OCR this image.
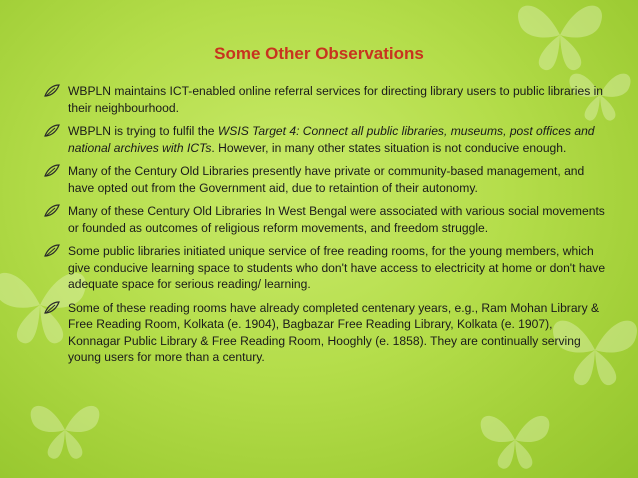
Some Other Observations
WBPLN maintains ICT-enabled online referral services for directing library users to public libraries in their neighbourhood.
WBPLN is trying to fulfil the WSIS Target 4: Connect all public libraries, museums, post offices and national archives with ICTs. However, in many other states situation is not conducive enough.
Many of the Century Old Libraries presently have private or community-based management, and have opted out from the Government aid, due to retaintion of their autonomy.
Many of these Century Old Libraries In West Bengal were associated with various social movements or founded as outcomes of religious reform movements, and freedom struggle.
Some public libraries initiated unique service of free reading rooms, for the young members, which give conducive learning space to students who don't have access to electricity at home or don't have adequate space for serious reading/ learning.
Some of these reading rooms have already completed centenary years, e.g., Ram Mohan Library & Free Reading Room, Kolkata (e. 1904), Bagbazar Free Reading Library, Kolkata (e. 1907), Konnagar Public Library & Free Reading Room, Hooghly (e. 1858). They are continually serving young users for more than a century.
